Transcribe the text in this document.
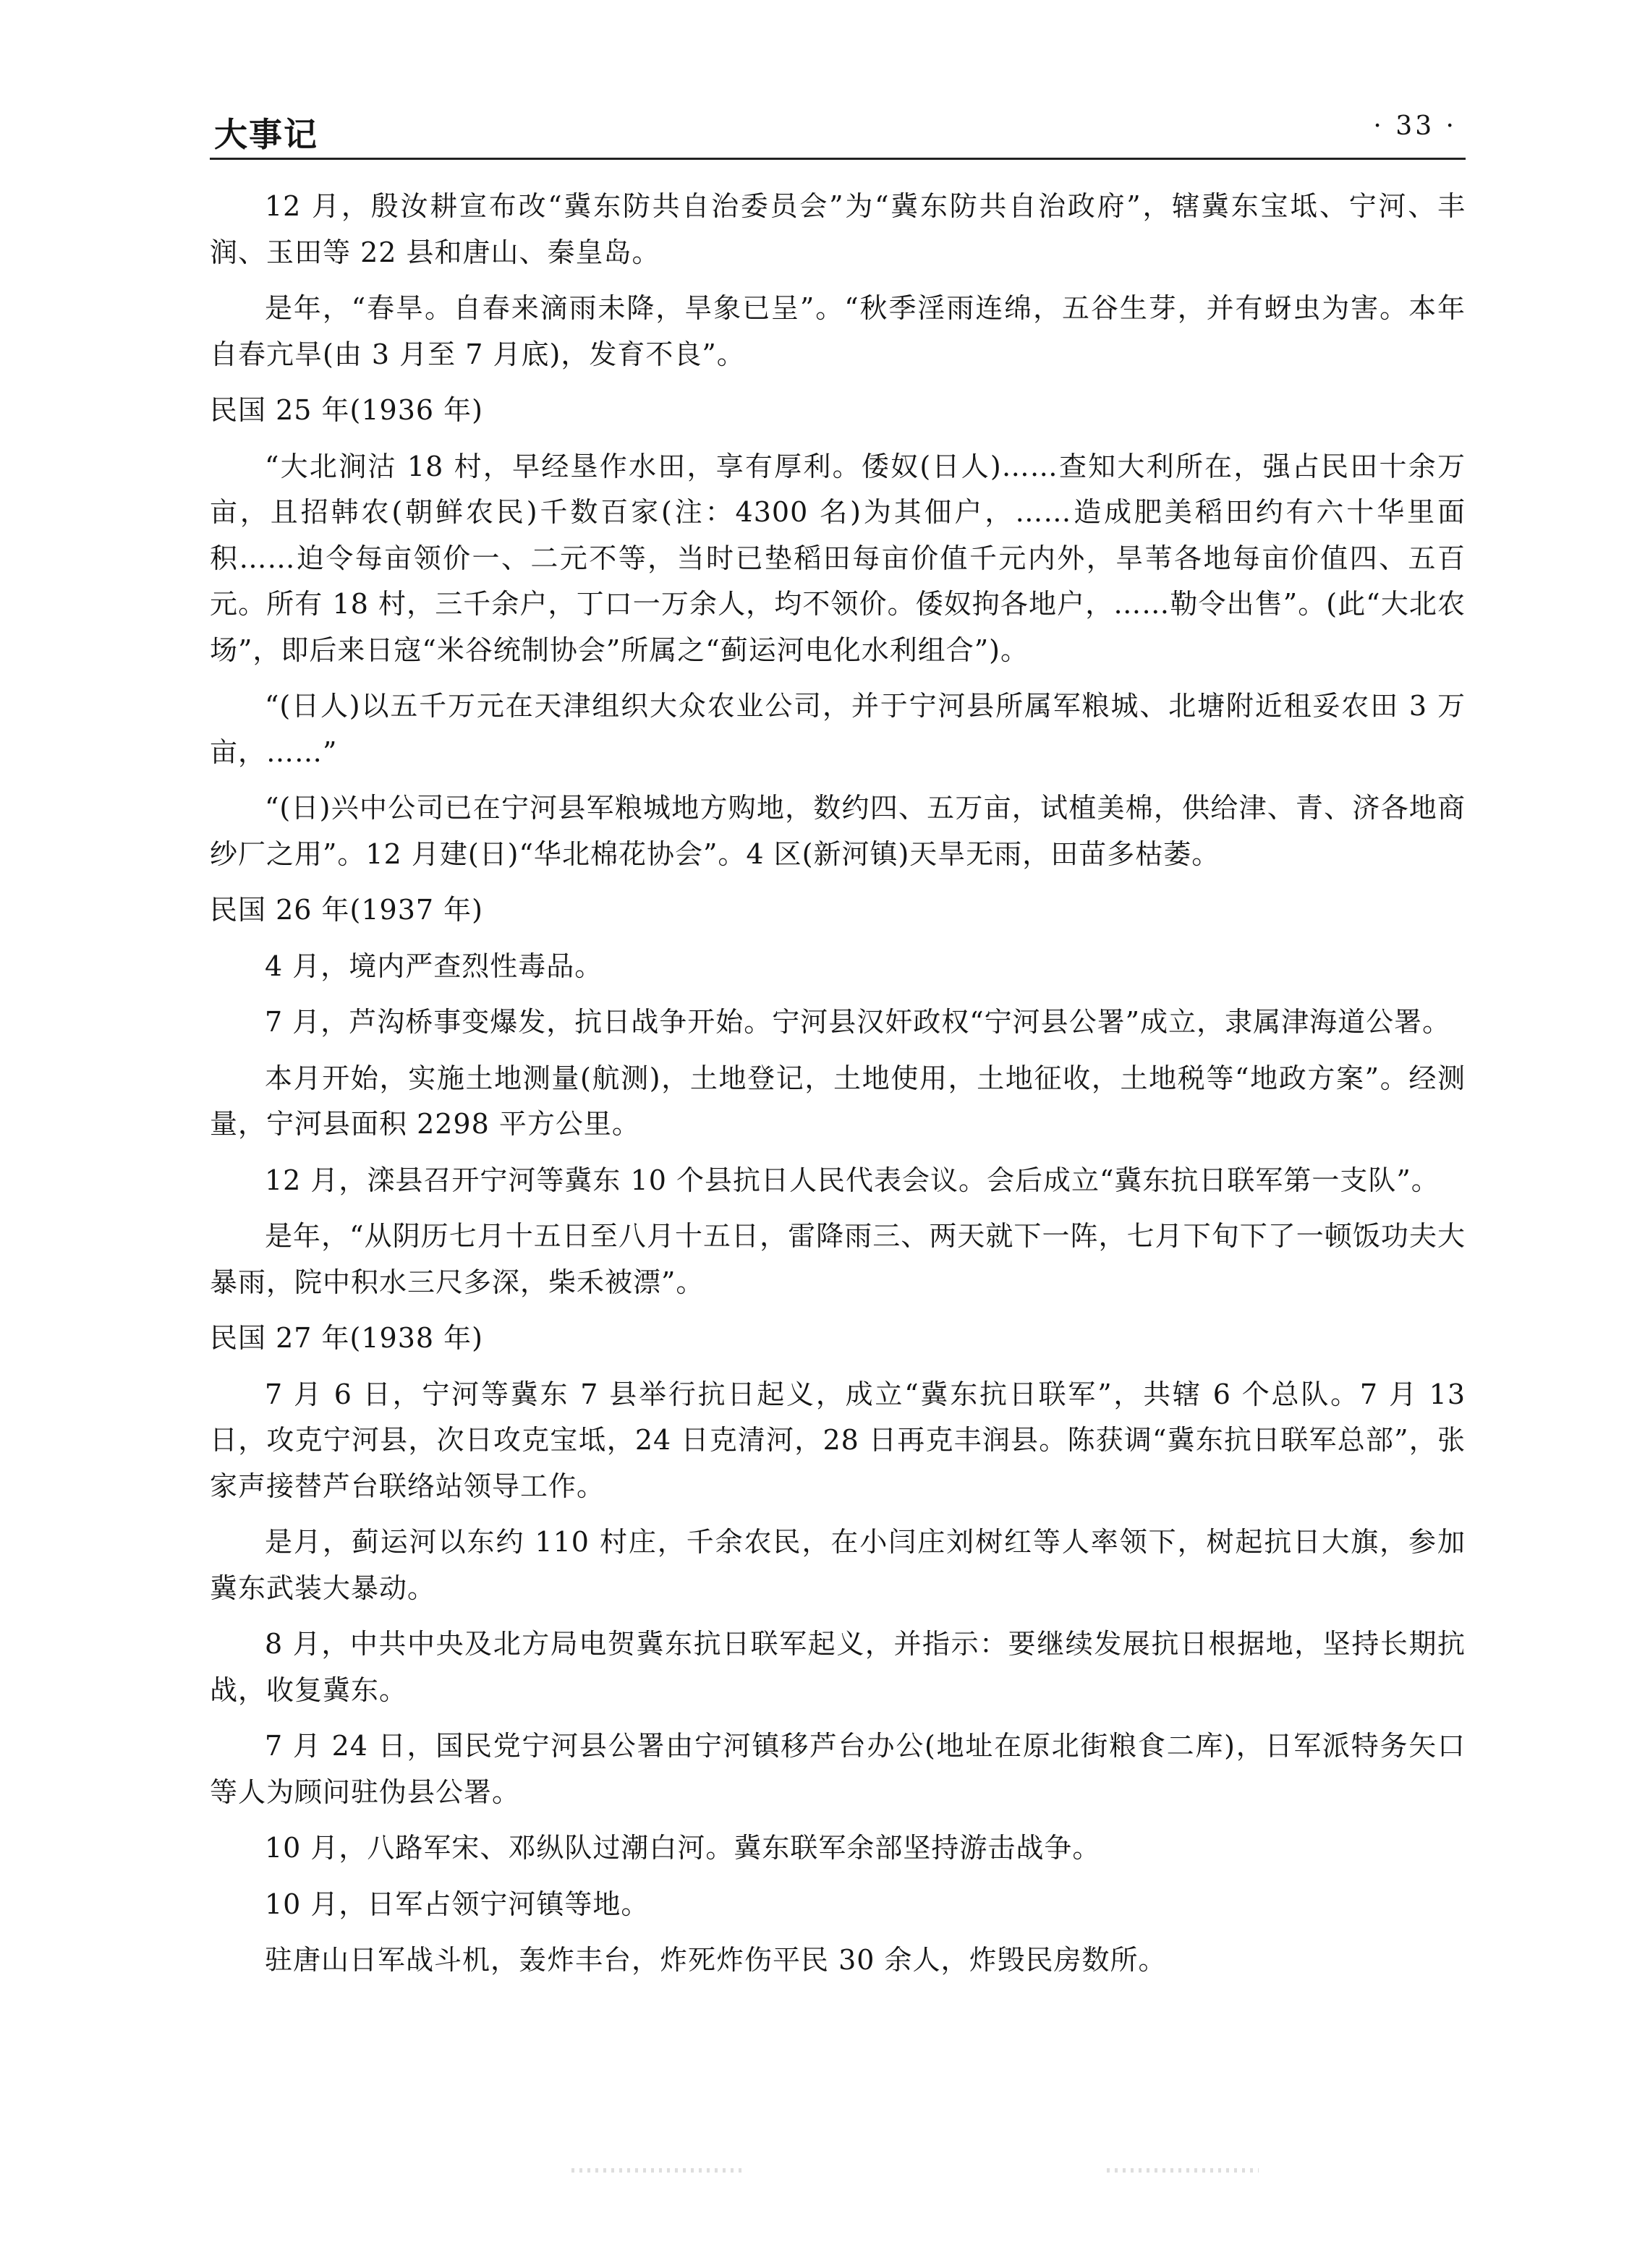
大事记	· 33 ·

12 月，殷汝耕宣布改“冀东防共自治委员会”为“冀东防共自治政府”，辖冀东宝坻、宁河、丰润、玉田等 22 县和唐山、秦皇岛。

是年，“春旱。自春来滴雨未降，旱象已呈”。“秋季淫雨连绵，五谷生芽，并有蚜虫为害。本年自春亢旱(由 3 月至 7 月底)，发育不良”。

民国 25 年(1936 年)

“大北涧沽 18 村，早经垦作水田，享有厚利。倭奴(日人)……查知大利所在，强占民田十余万亩，且招韩农(朝鲜农民)千数百家(注：4300 名)为其佃户，……造成肥美稻田约有六十华里面积……迫令每亩领价一、二元不等，当时已垫稻田每亩价值千元内外，旱苇各地每亩价值四、五百元。所有 18 村，三千余户，丁口一万余人，均不领价。倭奴拘各地户，……勒令出售”。(此“大北农场”，即后来日寇“米谷统制协会”所属之“蓟运河电化水利组合”)。

“(日人)以五千万元在天津组织大众农业公司，并于宁河县所属军粮城、北塘附近租妥农田 3 万亩，……”

“(日)兴中公司已在宁河县军粮城地方购地，数约四、五万亩，试植美棉，供给津、青、济各地商纱厂之用”。12 月建(日)“华北棉花协会”。4 区(新河镇)天旱无雨，田苗多枯萎。

民国 26 年(1937 年)

4 月，境内严查烈性毒品。

7 月，芦沟桥事变爆发，抗日战争开始。宁河县汉奸政权“宁河县公署”成立，隶属津海道公署。

本月开始，实施土地测量(航测)，土地登记，土地使用，土地征收，土地税等“地政方案”。经测量，宁河县面积 2298 平方公里。

12 月，滦县召开宁河等冀东 10 个县抗日人民代表会议。会后成立“冀东抗日联军第一支队”。

是年，“从阴历七月十五日至八月十五日，雷降雨三、两天就下一阵，七月下旬下了一顿饭功夫大暴雨，院中积水三尺多深，柴禾被漂”。

民国 27 年(1938 年)

7 月 6 日，宁河等冀东 7 县举行抗日起义，成立“冀东抗日联军”，共辖 6 个总队。7 月 13 日，攻克宁河县，次日攻克宝坻，24 日克清河，28 日再克丰润县。陈获调“冀东抗日联军总部”，张家声接替芦台联络站领导工作。

是月，蓟运河以东约 110 村庄，千余农民，在小闫庄刘树红等人率领下，树起抗日大旗，参加冀东武装大暴动。

8 月，中共中央及北方局电贺冀东抗日联军起义，并指示：要继续发展抗日根据地，坚持长期抗战，收复冀东。

7 月 24 日，国民党宁河县公署由宁河镇移芦台办公(地址在原北街粮食二库)，日军派特务矢口等人为顾问驻伪县公署。

10 月，八路军宋、邓纵队过潮白河。冀东联军余部坚持游击战争。

10 月，日军占领宁河镇等地。

驻唐山日军战斗机，轰炸丰台，炸死炸伤平民 30 余人，炸毁民房数所。
